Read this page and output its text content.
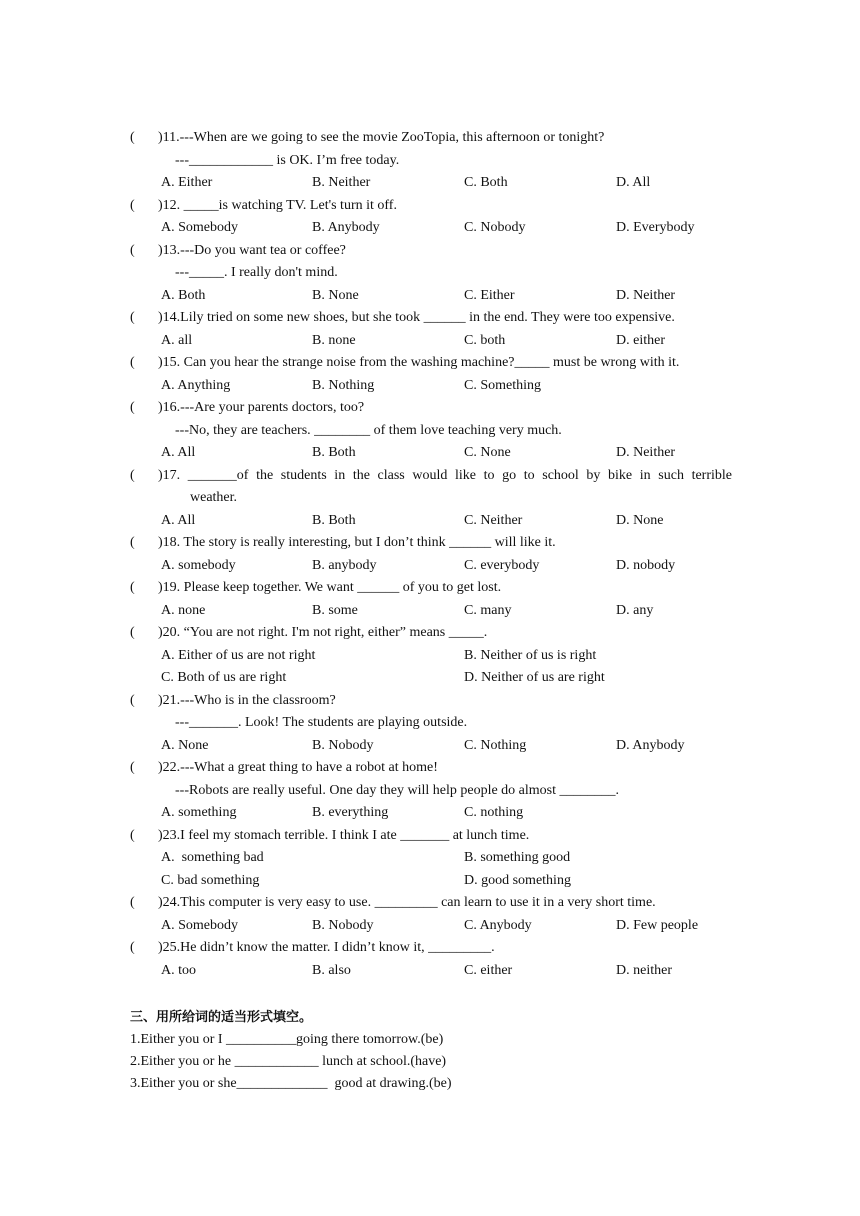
( )11.---When are we going to see the movie ZooTopia, this afternoon or tonight?
---____________ is OK. I’m free today.
A. Either	B. Neither	C. Both	D. All
( )12. _____is watching TV. Let's turn it off.
A. Somebody	B. Anybody	C. Nobody	D. Everybody
( )13.---Do you want tea or coffee?
---_____. I really don't mind.
A. Both	B. None	C. Either	D. Neither
( )14.Lily tried on some new shoes, but she took ______ in the end. They were too expensive.
A. all	B. none	C. both	D. either
( )15. Can you hear the strange noise from the washing machine?_____ must be wrong with it.
A. Anything	B. Nothing	C. Something
( )16.---Are your parents doctors, too?
---No, they are teachers. ________ of them love teaching very much.
A. All	B. Both	C. None	D. Neither
( )17. _______of the students in the class would like to go to school by bike in such terrible
weather.
A. All	B. Both	C. Neither	D. None
( )18. The story is really interesting, but I don’t think ______ will like it.
A. somebody	B. anybody	C. everybody	D. nobody
( )19. Please keep together. We want ______ of you to get lost.
A. none	B. some	C. many	D. any
( )20. “You are not right. I'm not right, either” means _____.
A. Either of us are not right	B. Neither of us is right
C. Both of us are right	D. Neither of us are right
( )21.---Who is in the classroom?
---_______. Look! The students are playing outside.
A. None	B. Nobody	C. Nothing	D. Anybody
( )22.---What a great thing to have a robot at home!
---Robots are really useful. One day they will help people do almost ________.
A. something	B. everything	C. nothing
( )23.I feel my stomach terrible. I think I ate _______ at lunch time.
A.  something bad	B. something good
C. bad something	D. good something
( )24.This computer is very easy to use. _________ can learn to use it in a very short time.
A. Somebody	B. Nobody	C. Anybody	D. Few people
( )25.He didn’t know the matter. I didn’t know it, _________.
A. too	B. also	C. either	D. neither
三、用所给词的适当形式填空。
1.Either you or I __________going there tomorrow.(be)
2.Either you or he ____________ lunch at school.(have)
3.Either you or she_____________  good at drawing.(be)
